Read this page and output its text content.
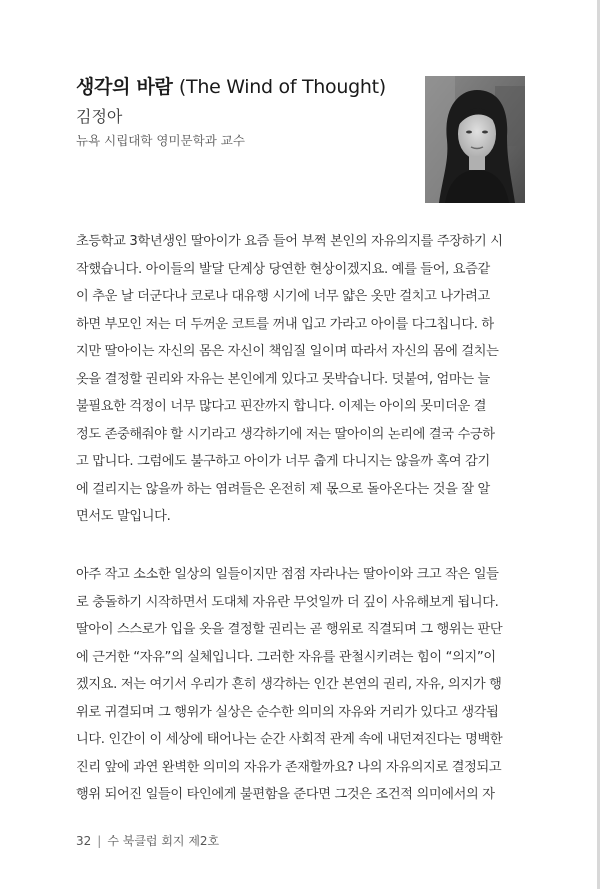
생각의 바람 (The Wind of Thought)
김정아
뉴욕 시립대학 영미문학과 교수
초등학교 3학년생인 딸아이가 요즘 들어 부쩍 본인의 자유의지를 주장하기 시
작했습니다. 아이들의 발달 단계상 당연한 현상이겠지요. 예를 들어, 요즘같
이 추운 날 더군다나 코로나 대유행 시기에 너무 얇은 옷만 걸치고 나가려고
하면 부모인 저는 더 두꺼운 코트를 꺼내 입고 가라고 아이를 다그칩니다. 하
지만 딸아이는 자신의 몸은 자신이 책임질 일이며 따라서 자신의 몸에 걸치는
옷을 결정할 권리와 자유는 본인에게 있다고 못박습니다. 덧붙여, 엄마는 늘
불필요한 걱정이 너무 많다고 핀잔까지 합니다. 이제는 아이의 못미더운 결
정도 존중해줘야 할 시기라고 생각하기에 저는 딸아이의 논리에 결국 수긍하
고 맙니다. 그럼에도 불구하고 아이가 너무 춥게 다니지는 않을까 혹여 감기
에 걸리지는 않을까 하는 염려들은 온전히 제 몫으로 돌아온다는 것을 잘 알
면서도 말입니다.
아주 작고 소소한 일상의 일들이지만 점점 자라나는 딸아이와 크고 작은 일들
로 충돌하기 시작하면서 도대체 자유란 무엇일까 더 깊이 사유해보게 됩니다.
딸아이 스스로가 입을 옷을 결정할 권리는 곧 행위로 직결되며 그 행위는 판단
에 근거한 “자유”의 실체입니다. 그러한 자유를 관철시키려는 힘이 “의지”이
겠지요. 저는 여기서 우리가 흔히 생각하는 인간 본연의 권리, 자유, 의지가 행
위로 귀결되며 그 행위가 실상은 순수한 의미의 자유와 거리가 있다고 생각됩
니다. 인간이 이 세상에 태어나는 순간 사회적 관계 속에 내던져진다는 명백한
진리 앞에 과연 완벽한 의미의 자유가 존재할까요? 나의 자유의지로 결정되고
행위 되어진 일들이 타인에게 불편함을 준다면 그것은 조건적 의미에서의 자
32 | 수 북클럽 회지 제2호
